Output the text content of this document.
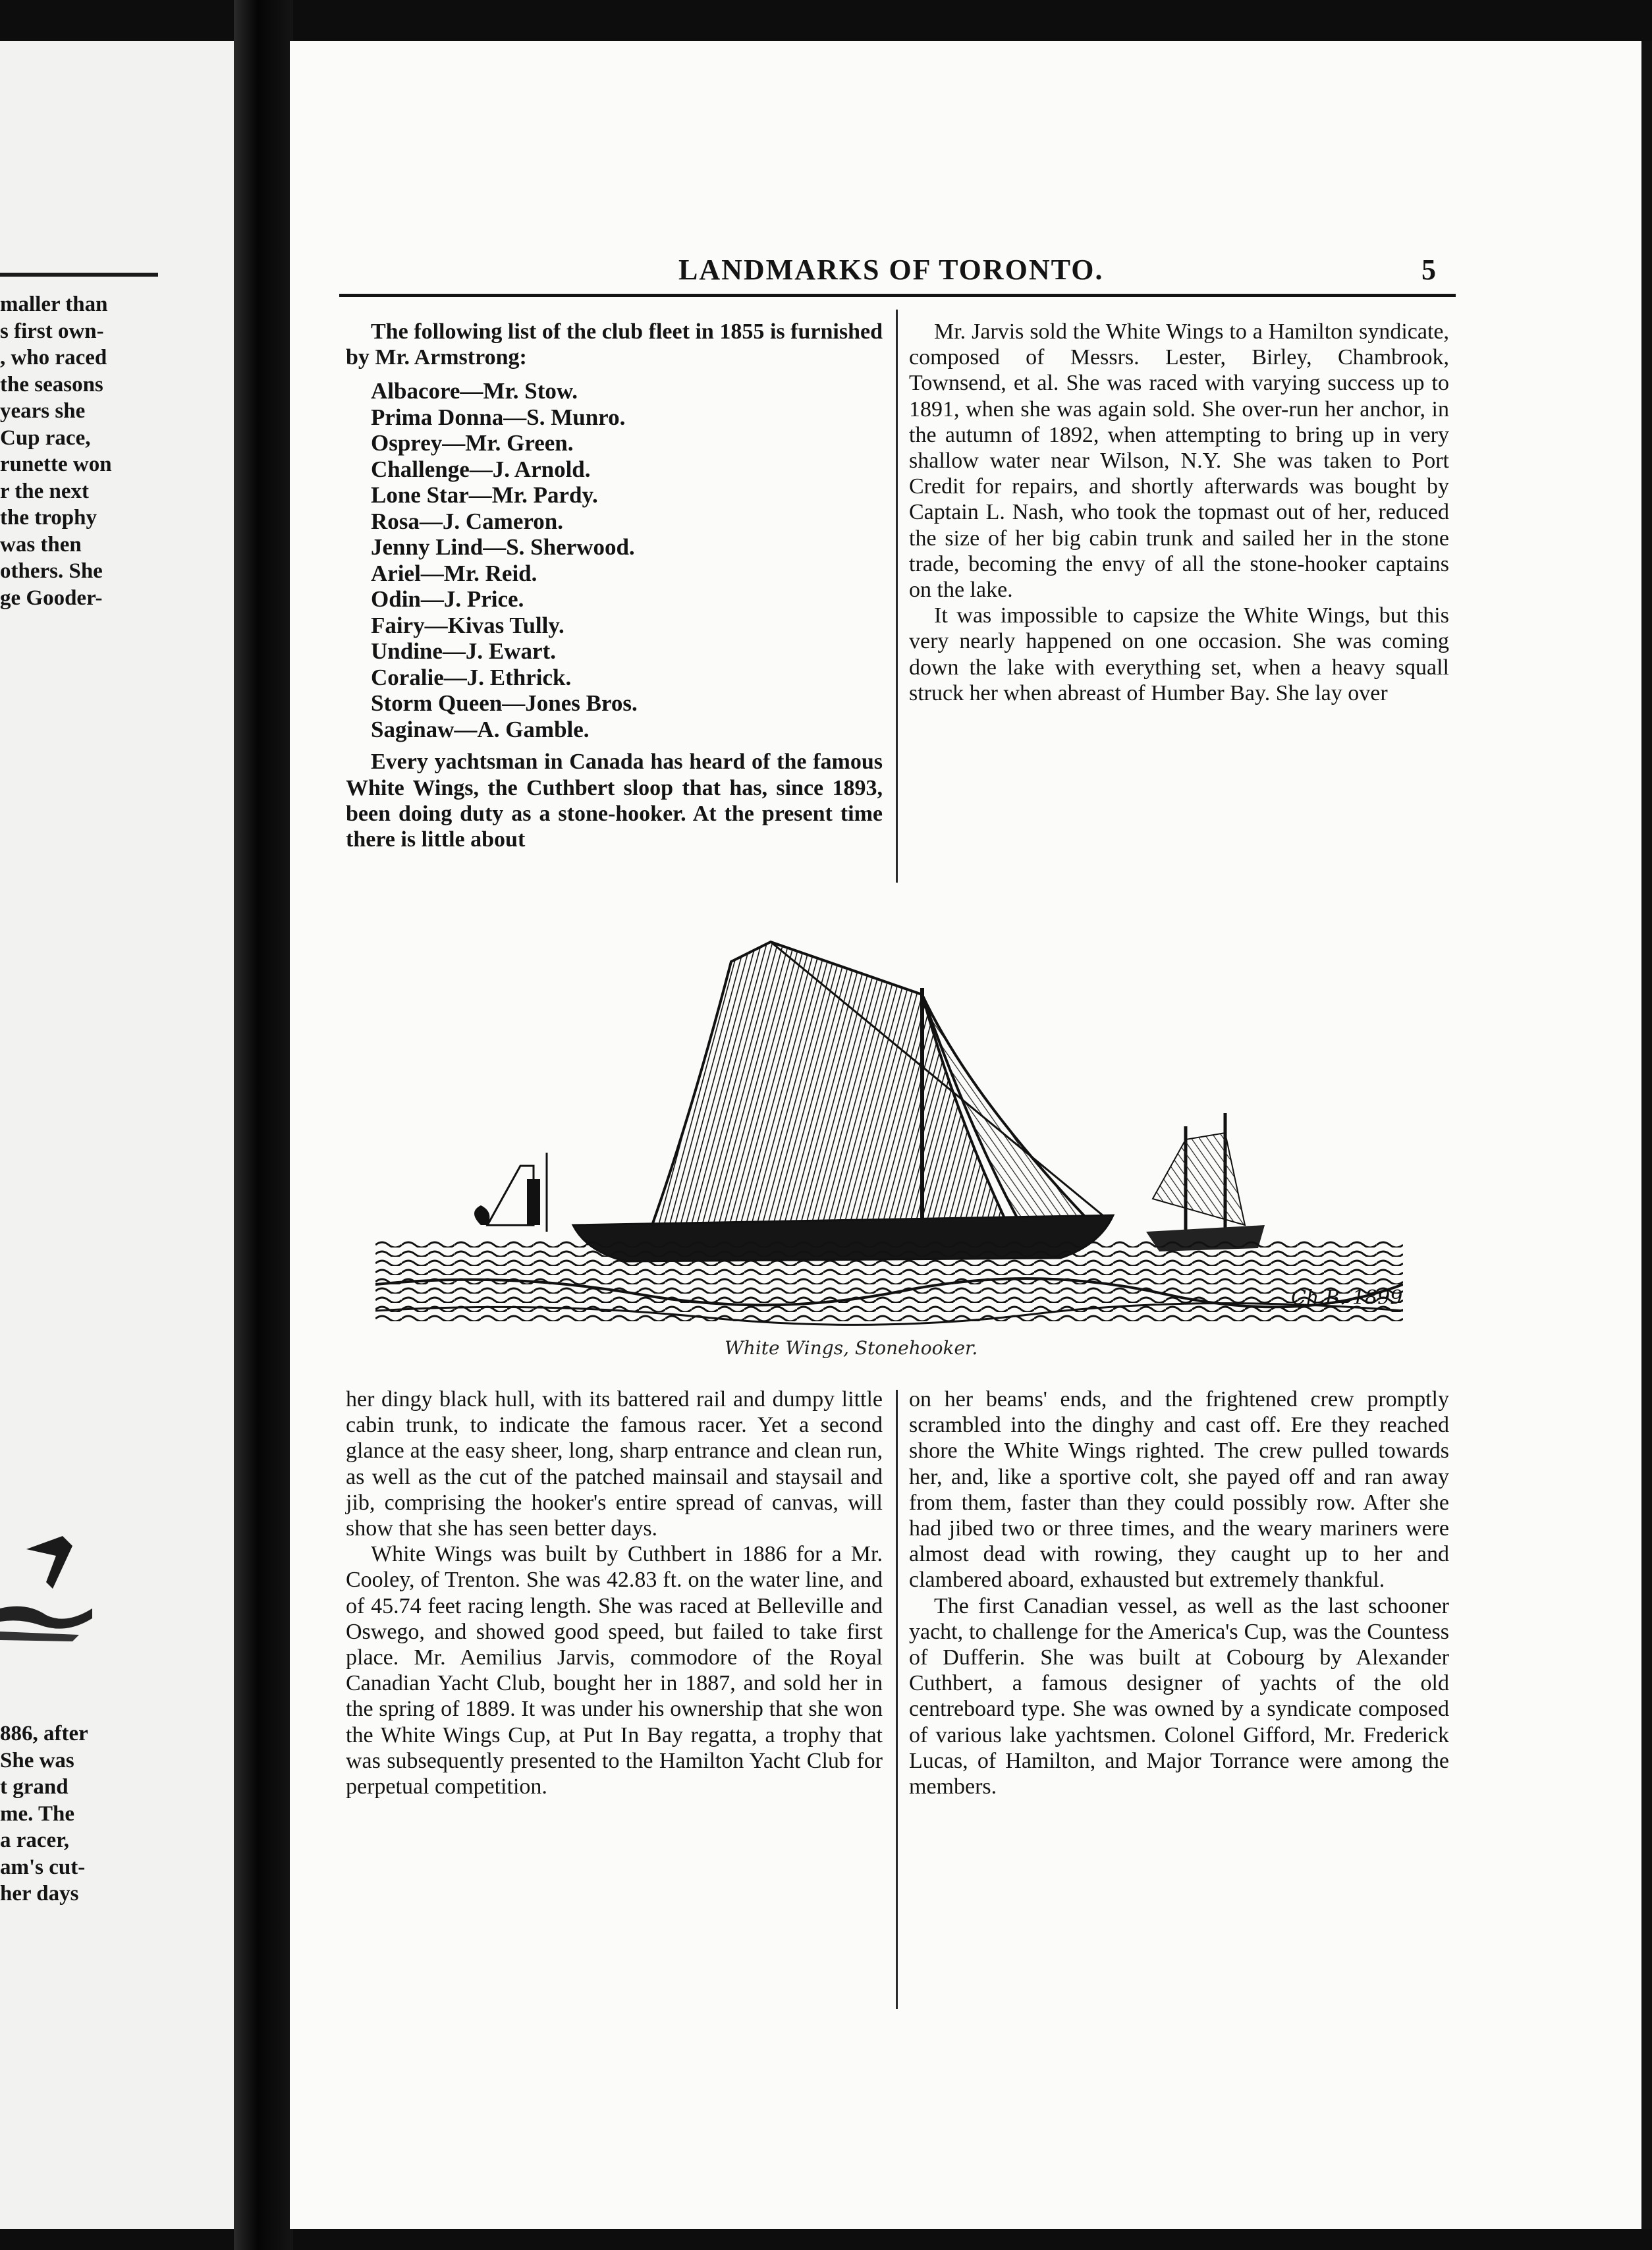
maller than
s first own-
, who raced
the seasons
years she
Cup race,
runette won
r the next
the trophy
was then
others. She
ge Gooder-
886, after
She was
t grand
me. The
a racer,
am's cut-
her days
LANDMARKS OF TORONTO.	5

The following list of the club fleet in 1855 is furnished by Mr. Armstrong:

Albacore—Mr. Stow.
Prima Donna—S. Munro.
Osprey—Mr. Green.
Challenge—J. Arnold.
Lone Star—Mr. Pardy.
Rosa—J. Cameron.
Jenny Lind—S. Sherwood.
Ariel—Mr. Reid.
Odin—J. Price.
Fairy—Kivas Tully.
Undine—J. Ewart.
Coralie—J. Ethrick.
Storm Queen—Jones Bros.
Saginaw—A. Gamble.

Every yachtsman in Canada has heard of the famous White Wings, the Cuthbert sloop that has, since 1893, been doing duty as a stone-hooker. At the present time there is little about

Mr. Jarvis sold the White Wings to a Hamilton syndicate, composed of Messrs. Lester, Birley, Chambrook, Townsend, et al. She was raced with varying success up to 1891, when she was again sold. She over-run her anchor, in the autumn of 1892, when attempting to bring up in very shallow water near Wilson, N.Y. She was taken to Port Credit for repairs, and shortly afterwards was bought by Captain L. Nash, who took the topmast out of her, reduced the size of her big cabin trunk and sailed her in the stone trade, becoming the envy of all the stone-hooker captains on the lake.

It was impossible to capsize the White Wings, but this very nearly happened on one occasion. She was coming down the lake with everything set, when a heavy squall struck her when abreast of Humber Bay. She lay over

Ch.B. 1899
White Wings, Stonehooker.

her dingy black hull, with its battered rail and dumpy little cabin trunk, to indicate the famous racer. Yet a second glance at the easy sheer, long, sharp entrance and clean run, as well as the cut of the patched mainsail and staysail and jib, comprising the hooker's entire spread of canvas, will show that she has seen better days.

White Wings was built by Cuthbert in 1886 for a Mr. Cooley, of Trenton. She was 42.83 ft. on the water line, and of 45.74 feet racing length. She was raced at Belleville and Oswego, and showed good speed, but failed to take first place. Mr. Aemilius Jarvis, commodore of the Royal Canadian Yacht Club, bought her in 1887, and sold her in the spring of 1889. It was under his ownership that she won the White Wings Cup, at Put In Bay regatta, a trophy that was subsequently presented to the Hamilton Yacht Club for perpetual competition.

on her beams' ends, and the frightened crew promptly scrambled into the dinghy and cast off. Ere they reached shore the White Wings righted. The crew pulled towards her, and, like a sportive colt, she payed off and ran away from them, faster than they could possibly row. After she had jibed two or three times, and the weary mariners were almost dead with rowing, they caught up to her and clambered aboard, exhausted but extremely thankful.

The first Canadian vessel, as well as the last schooner yacht, to challenge for the America's Cup, was the Countess of Dufferin. She was built at Cobourg by Alexander Cuthbert, a famous designer of yachts of the old centreboard type. She was owned by a syndicate composed of various lake yachtsmen. Colonel Gifford, Mr. Frederick Lucas, of Hamilton, and Major Torrance were among the members.
